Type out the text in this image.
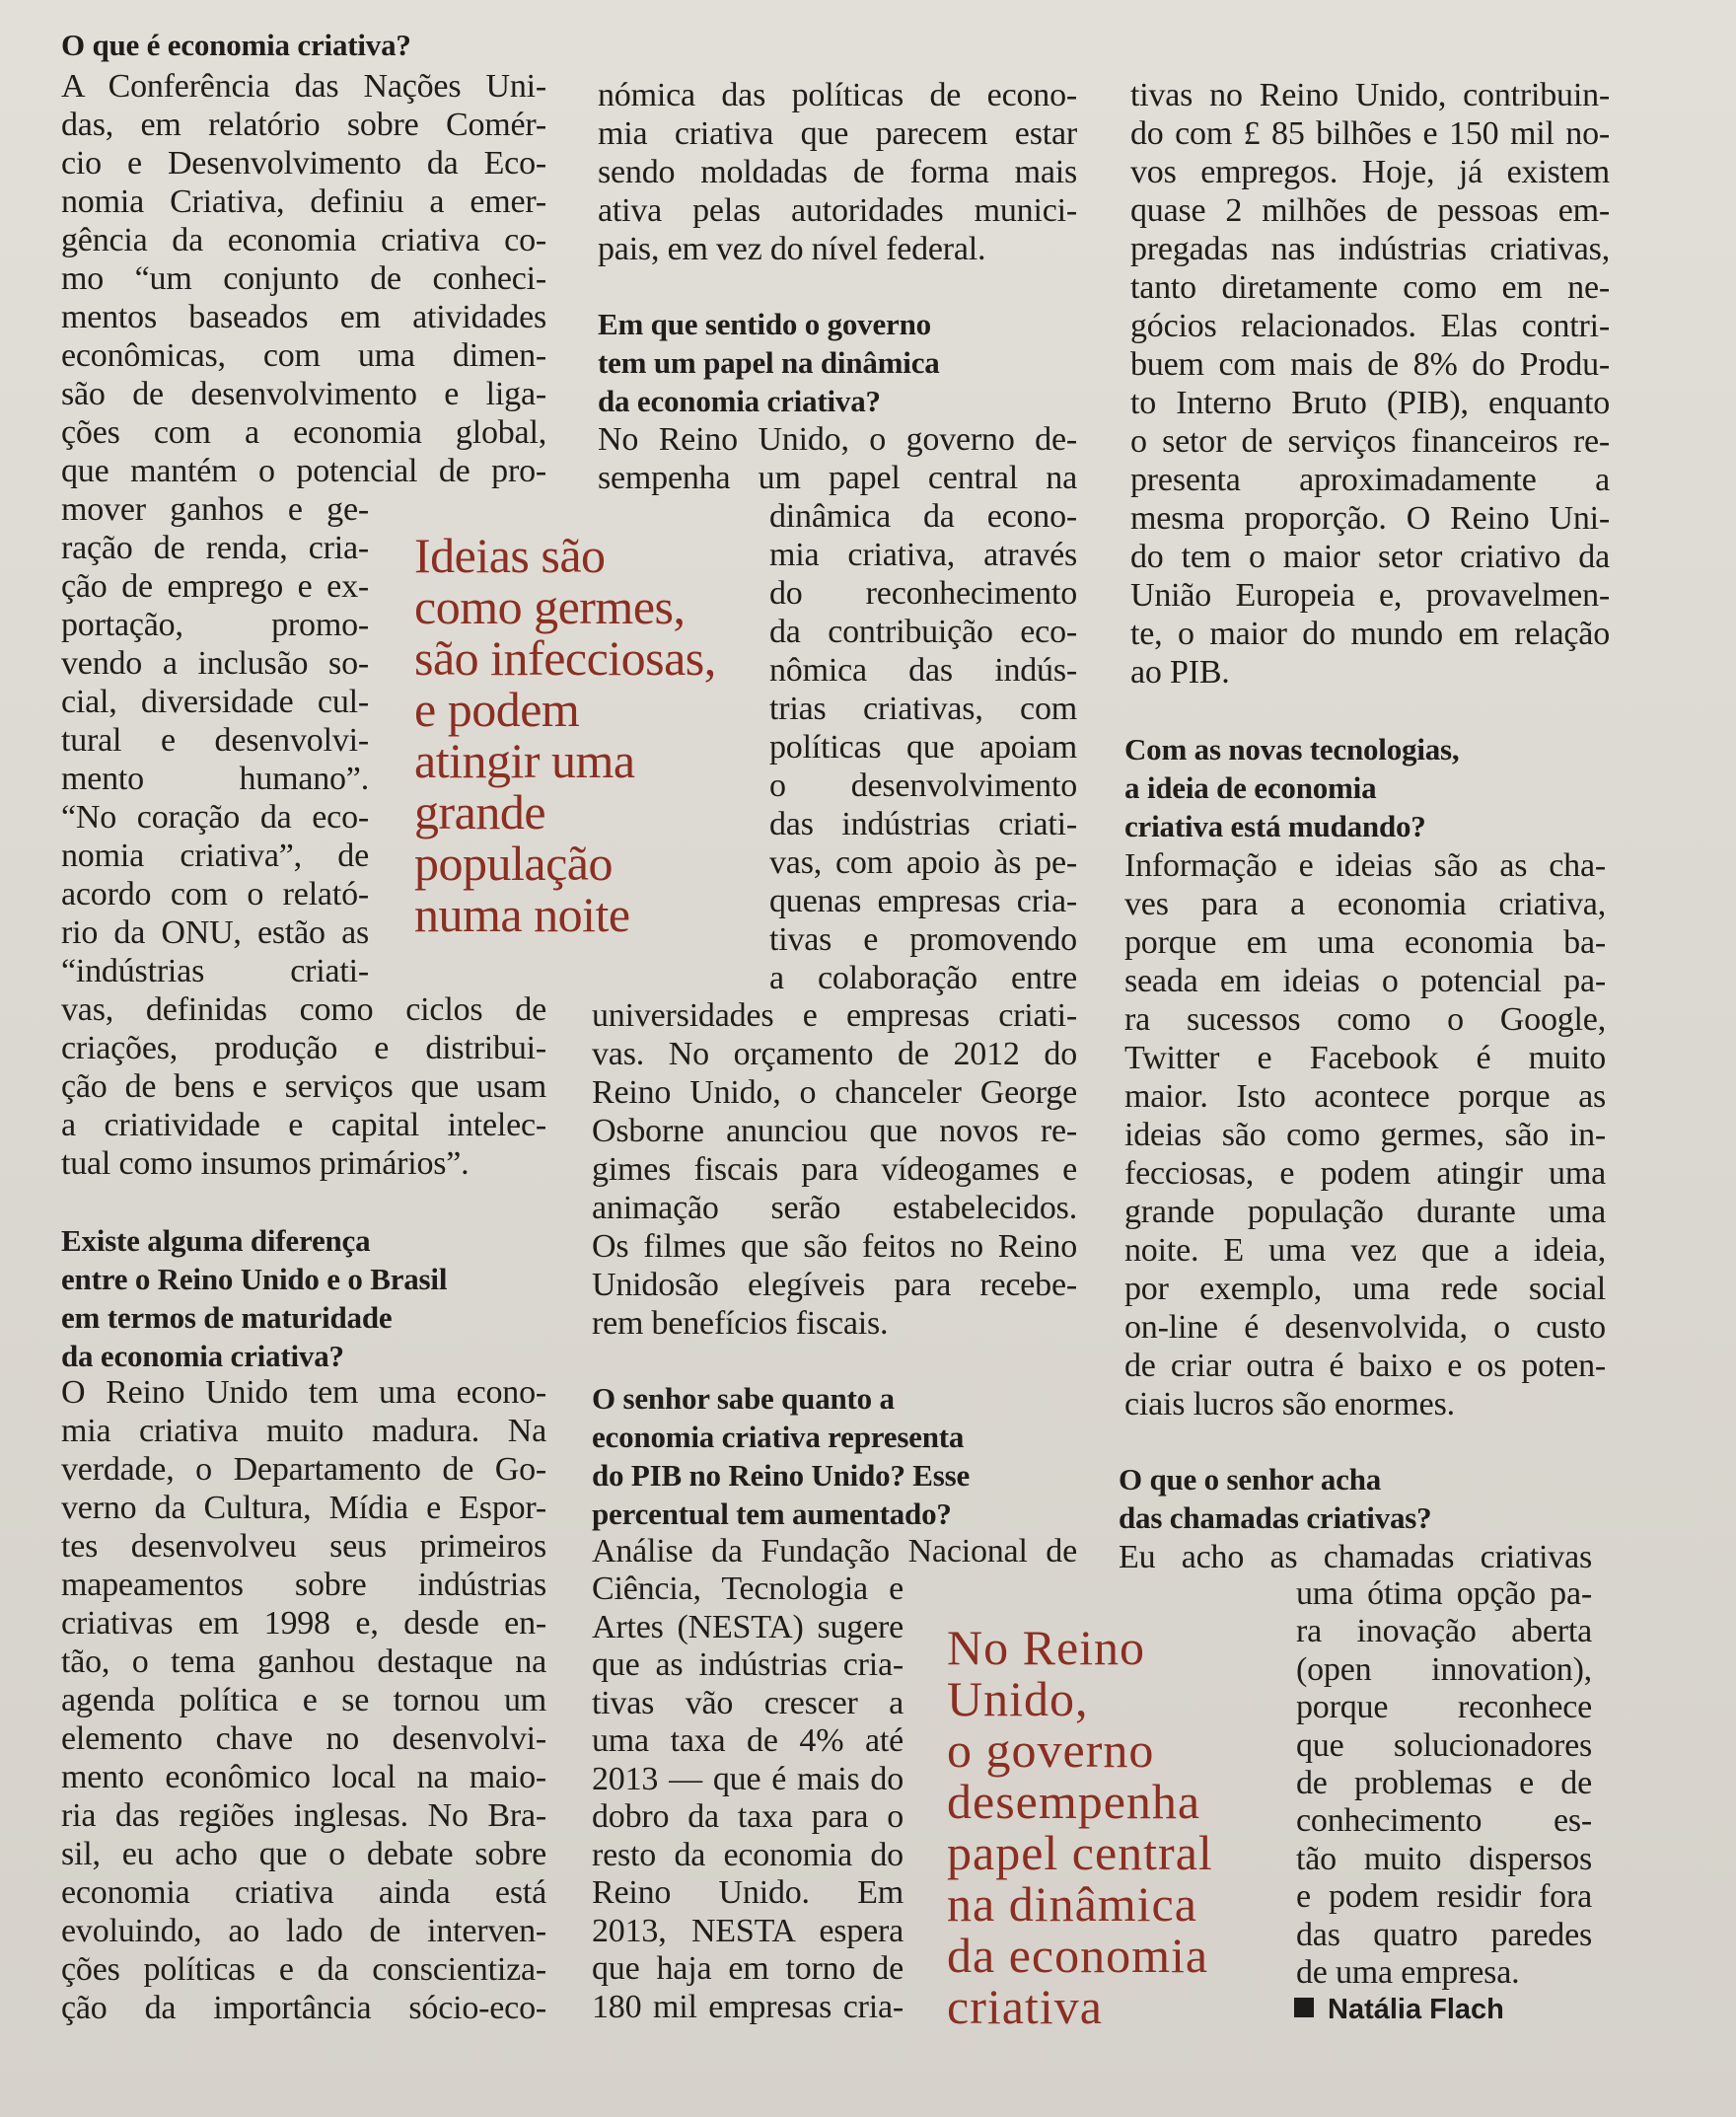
O que é economia criativa?
A Conferência das Nações Uni-
das, em relatório sobre Comér-
cio e Desenvolvimento da Eco-
nomia Criativa, definiu a emer-
gência da economia criativa co-
mo “um conjunto de conheci-
mentos baseados em atividades
econômicas, com uma dimen-
são de desenvolvimento e liga-
ções com a economia global,
que mantém o potencial de pro-
mover ganhos e ge-
ração de renda, cria-
ção de emprego e ex-
portação, promo-
vendo a inclusão so-
cial, diversidade cul-
tural e desenvolvi-
mento humano”.
“No coração da eco-
nomia criativa”, de
acordo com o relató-
rio da ONU, estão as
“indústrias criati-
vas, definidas como ciclos de
criações, produção e distribui-
ção de bens e serviços que usam
a criatividade e capital intelec-
tual como insumos primários”.
Existe alguma diferença
entre o Reino Unido e o Brasil
em termos de maturidade
da economia criativa?
O Reino Unido tem uma econo-
mia criativa muito madura. Na
verdade, o Departamento de Go-
verno da Cultura, Mídia e Espor-
tes desenvolveu seus primeiros
mapeamentos sobre indústrias
criativas em 1998 e, desde en-
tão, o tema ganhou destaque na
agenda política e se tornou um
elemento chave no desenvolvi-
mento econômico local na maio-
ria das regiões inglesas. No Bra-
sil, eu acho que o debate sobre
economia criativa ainda está
evoluindo, ao lado de interven-
ções políticas e da conscientiza-
ção da importância sócio-eco-
Ideias são
como germes,
são infecciosas,
e podem
atingir uma
grande
população
numa noite
nómica das políticas de econo-
mia criativa que parecem estar
sendo moldadas de forma mais
ativa pelas autoridades munici-
pais, em vez do nível federal.
Em que sentido o governo
tem um papel na dinâmica
da economia criativa?
No Reino Unido, o governo de-
sempenha um papel central na
dinâmica da econo-
mia criativa, através
do reconhecimento
da contribuição eco-
nômica das indús-
trias criativas, com
políticas que apoiam
o desenvolvimento
das indústrias criati-
vas, com apoio às pe-
quenas empresas cria-
tivas e promovendo
a colaboração entre
universidades e empresas criati-
vas. No orçamento de 2012 do
Reino Unido, o chanceler George
Osborne anunciou que novos re-
gimes fiscais para vídeogames e
animação serão estabelecidos.
Os filmes que são feitos no Reino
Unidosão elegíveis para recebe-
rem benefícios fiscais.
O senhor sabe quanto a
economia criativa representa
do PIB no Reino Unido? Esse
percentual tem aumentado?
Análise da Fundação Nacional de
Ciência, Tecnologia e
Artes (NESTA) sugere
que as indústrias cria-
tivas vão crescer a
uma taxa de 4% até
2013 — que é mais do
dobro da taxa para o
resto da economia do
Reino Unido. Em
2013, NESTA espera
que haja em torno de
180 mil empresas cria-
No Reino
Unido,
o governo
desempenha
papel central
na dinâmica
da economia
criativa
tivas no Reino Unido, contribuin-
do com £ 85 bilhões e 150 mil no-
vos empregos. Hoje, já existem
quase 2 milhões de pessoas em-
pregadas nas indústrias criativas,
tanto diretamente como em ne-
gócios relacionados. Elas contri-
buem com mais de 8% do Produ-
to Interno Bruto (PIB), enquanto
o setor de serviços financeiros re-
presenta aproximadamente a
mesma proporção. O Reino Uni-
do tem o maior setor criativo da
União Europeia e, provavelmen-
te, o maior do mundo em relação
ao PIB.
Com as novas tecnologias,
a ideia de economia
criativa está mudando?
Informação e ideias são as cha-
ves para a economia criativa,
porque em uma economia ba-
seada em ideias o potencial pa-
ra sucessos como o Google,
Twitter e Facebook é muito
maior. Isto acontece porque as
ideias são como germes, são in-
fecciosas, e podem atingir uma
grande população durante uma
noite. E uma vez que a ideia,
por exemplo, uma rede social
on-line é desenvolvida, o custo
de criar outra é baixo e os poten-
ciais lucros são enormes.
O que o senhor acha
das chamadas criativas?
Eu acho as chamadas criativas
uma ótima opção pa-
ra inovação aberta
(open innovation),
porque reconhece
que solucionadores
de problemas e de
conhecimento es-
tão muito dispersos
e podem residir fora
das quatro paredes
de uma empresa.
Natália Flach
